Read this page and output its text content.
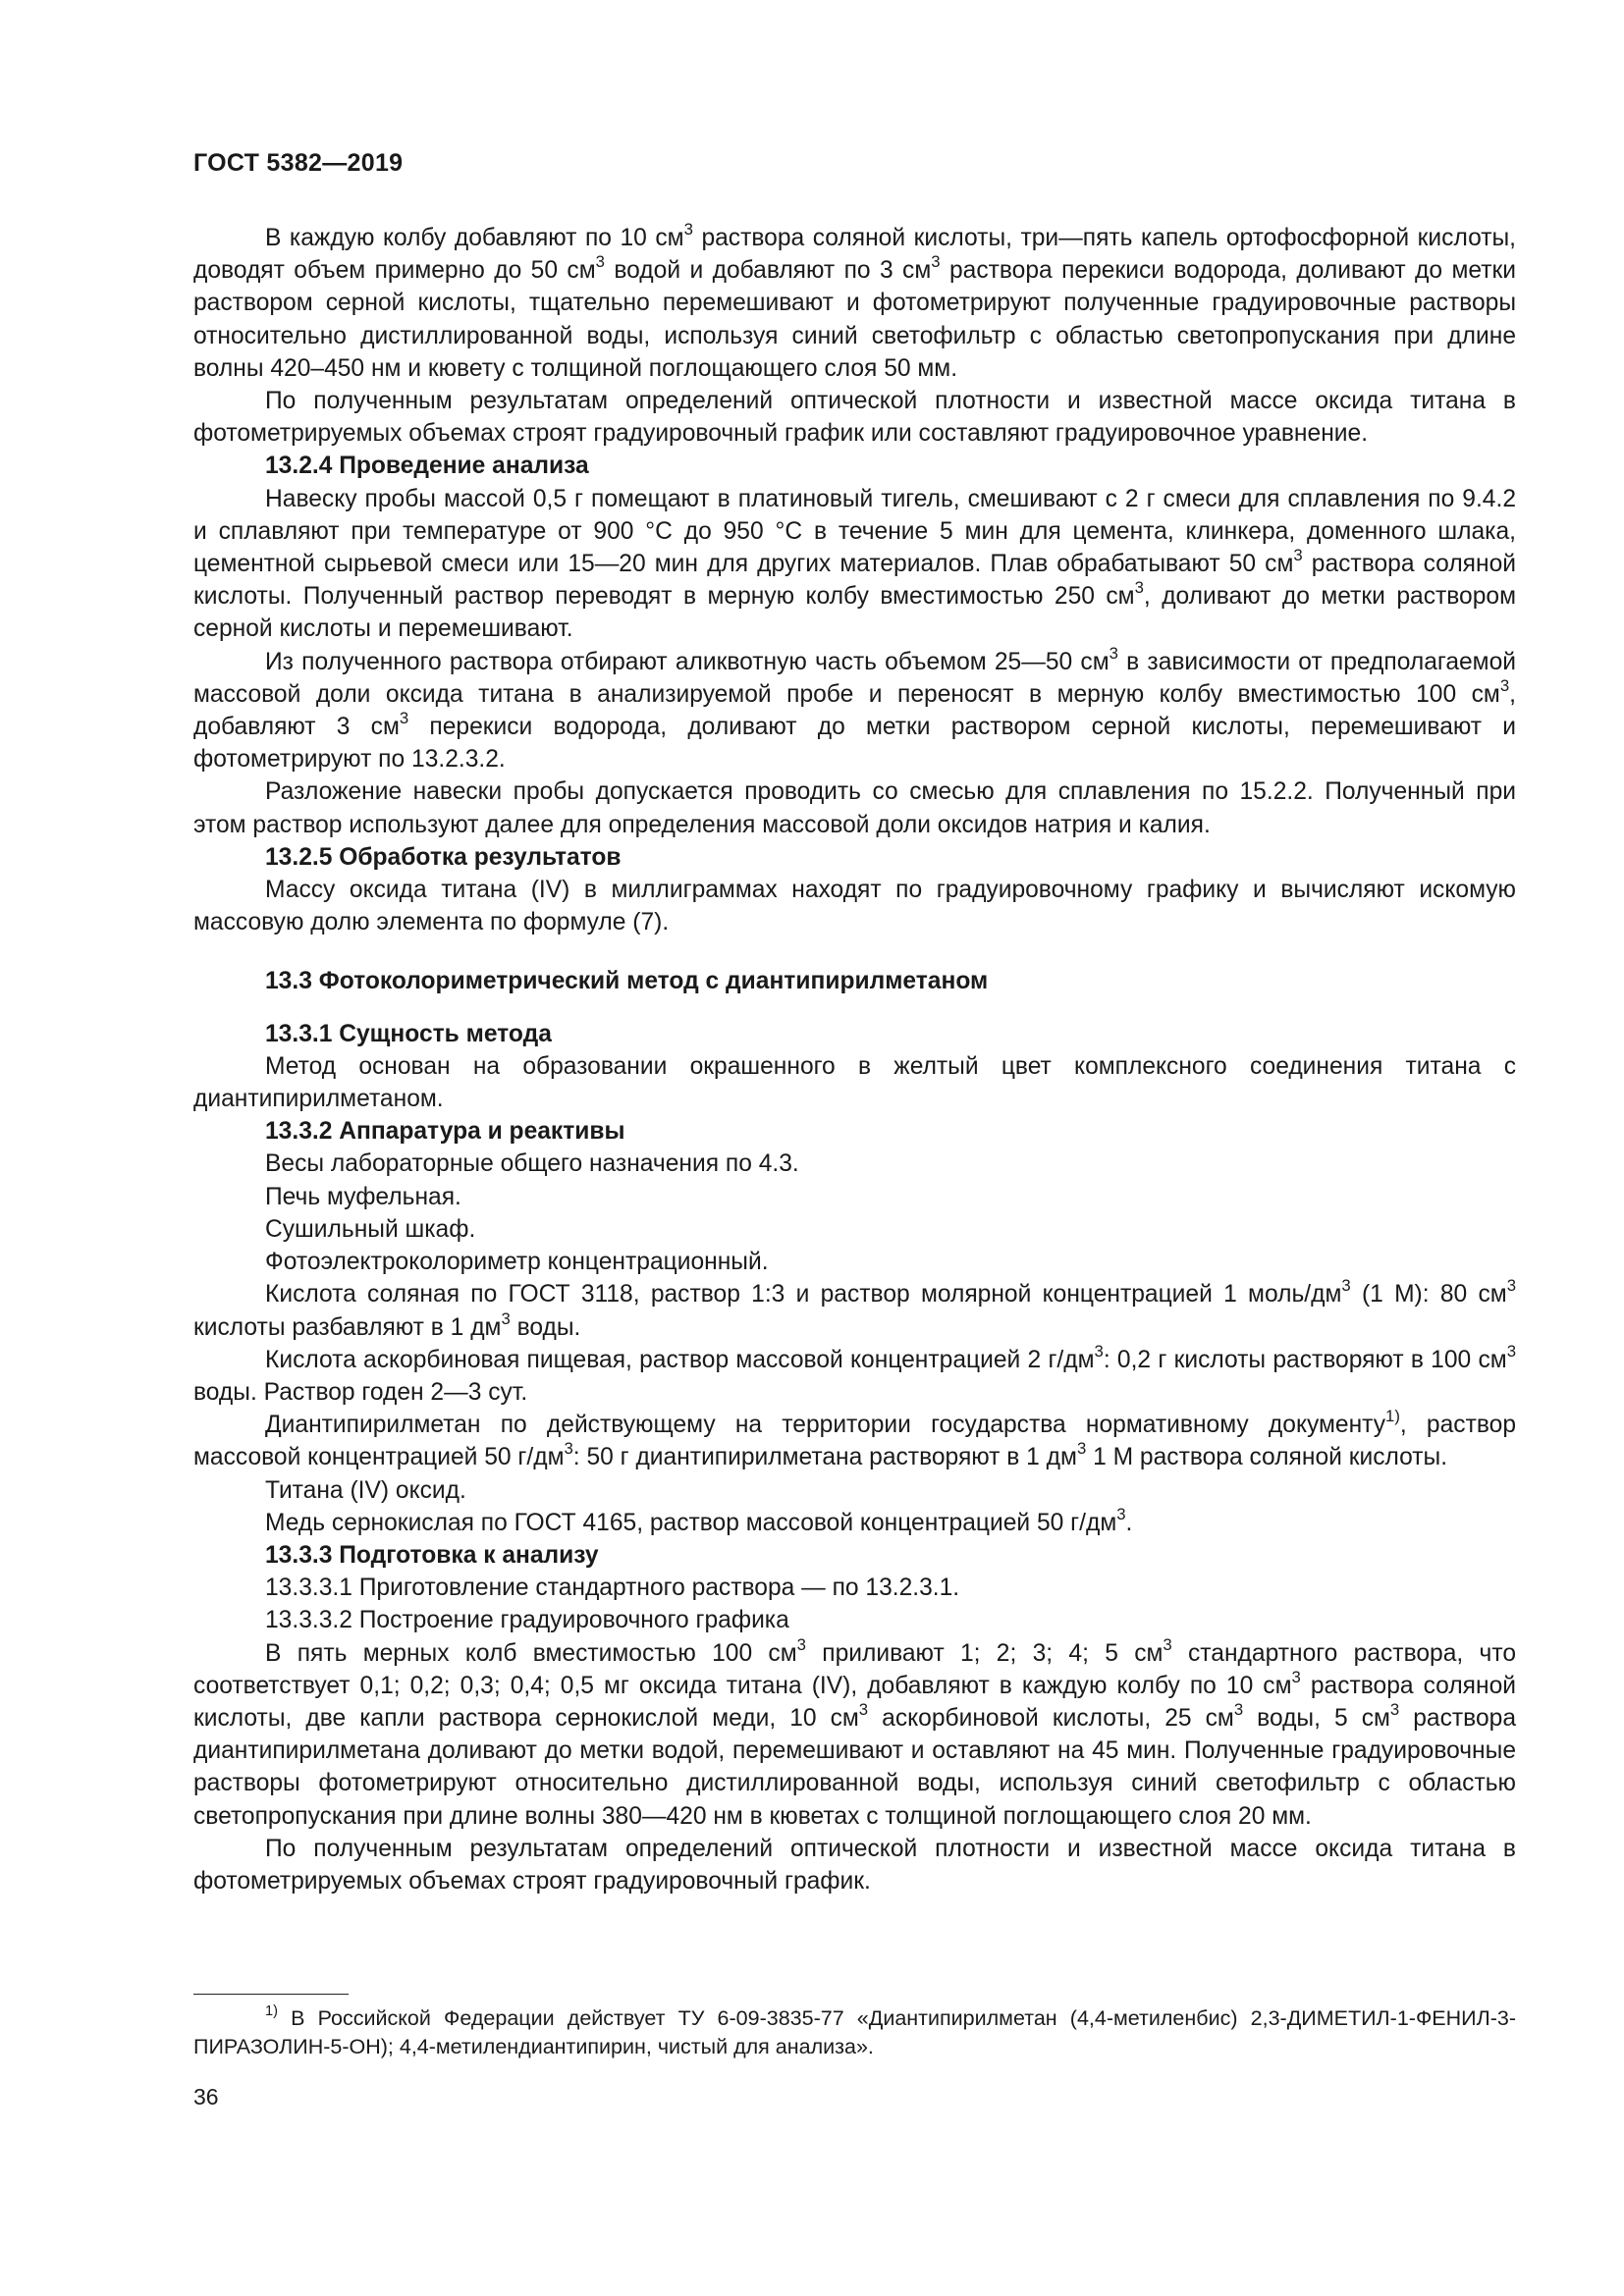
ГОСТ 5382—2019

В каждую колбу добавляют по 10 $см^3$ раствора соляной кислоты, три—пять капель ортофосфорной кислоты, доводят объем примерно до 50 $см^3$ водой и добавляют по 3 $см^3$ раствора перекиси водорода, доливают до метки раствором серной кислоты, тщательно перемешивают и фотометрируют полученные градуировочные растворы относительно дистиллированной воды, используя синий светофильтр с областью светопропускания при длине волны 420–450 нм и кювету с толщиной поглощающего слоя 50 мм.

По полученным результатам определений оптической плотности и известной массе оксида титана в фотометрируемых объемах строят градуировочный график или составляют градуировочное уравнение.

13.2.4 Проведение анализа

Навеску пробы массой 0,5 г помещают в платиновый тигель, смешивают с 2 г смеси для сплавления по 9.4.2 и сплавляют при температуре от 900 °С до 950 °С в течение 5 мин для цемента, клинкера, доменного шлака, цементной сырьевой смеси или 15—20 мин для других материалов. Плав обрабатывают 50 $см^3$ раствора соляной кислоты. Полученный раствор переводят в мерную колбу вместимостью 250 $см^3$, доливают до метки раствором серной кислоты и перемешивают.

Из полученного раствора отбирают аликвотную часть объемом 25—50 $см^3$ в зависимости от предполагаемой массовой доли оксида титана в анализируемой пробе и переносят в мерную колбу вместимостью 100 $см^3$, добавляют 3 $см^3$ перекиси водорода, доливают до метки раствором серной кислоты, перемешивают и фотометрируют по 13.2.3.2.

Разложение навески пробы допускается проводить со смесью для сплавления по 15.2.2. Полученный при этом раствор используют далее для определения массовой доли оксидов натрия и калия.

13.2.5 Обработка результатов

Массу оксида титана (IV) в миллиграммах находят по градуировочному графику и вычисляют искомую массовую долю элемента по формуле (7).

13.3 Фотоколориметрический метод с диантипирилметаном

13.3.1 Сущность метода

Метод основан на образовании окрашенного в желтый цвет комплексного соединения титана с диантипирилметаном.

13.3.2 Аппаратура и реактивы

Весы лабораторные общего назначения по 4.3.

Печь муфельная.

Сушильный шкаф.

Фотоэлектроколориметр концентрационный.

Кислота соляная по ГОСТ 3118, раствор 1:3 и раствор молярной концентрацией 1 моль/$дм^3$ (1 М): 80 $см^3$ кислоты разбавляют в 1 $дм^3$ воды.

Кислота аскорбиновая пищевая, раствор массовой концентрацией 2 $г/дм^3$: 0,2 г кислоты растворяют в 100 $см^3$ воды. Раствор годен 2—3 сут.

Диантипирилметан по действующему на территории государства нормативному документу$^{1)}$, раствор массовой концентрацией 50 $г/дм^3$: 50 г диантипирилметана растворяют в 1 $дм^3$ 1 М раствора соляной кислоты.

Титана (IV) оксид.

Медь сернокислая по ГОСТ 4165, раствор массовой концентрацией 50 $г/дм^3$.

13.3.3 Подготовка к анализу

13.3.3.1 Приготовление стандартного раствора — по 13.2.3.1.

13.3.3.2 Построение градуировочного графика

В пять мерных колб вместимостью 100 $см^3$ приливают 1; 2; 3; 4; 5 $см^3$ стандартного раствора, что соответствует 0,1; 0,2; 0,3; 0,4; 0,5 мг оксида титана (IV), добавляют в каждую колбу по 10 $см^3$ раствора соляной кислоты, две капли раствора сернокислой меди, 10 $см^3$ аскорбиновой кислоты, 25 $см^3$ воды, 5 $см^3$ раствора диантипирилметана доливают до метки водой, перемешивают и оставляют на 45 мин. Полученные градуировочные растворы фотометрируют относительно дистиллированной воды, используя синий светофильтр с областью светопропускания при длине волны 380—420 нм в кюветах с толщиной поглощающего слоя 20 мм.

По полученным результатам определений оптической плотности и известной массе оксида титана в фотометрируемых объемах строят градуировочный график.

$^{1)}$ В Российской Федерации действует ТУ 6-09-3835-77 «Диантипирилметан (4,4-метиленбис) 2,3-ДИМЕТИЛ-1-ФЕНИЛ-3-ПИРАЗОЛИН-5-ОН); 4,4-метилендиантипирин, чистый для анализа».

36
